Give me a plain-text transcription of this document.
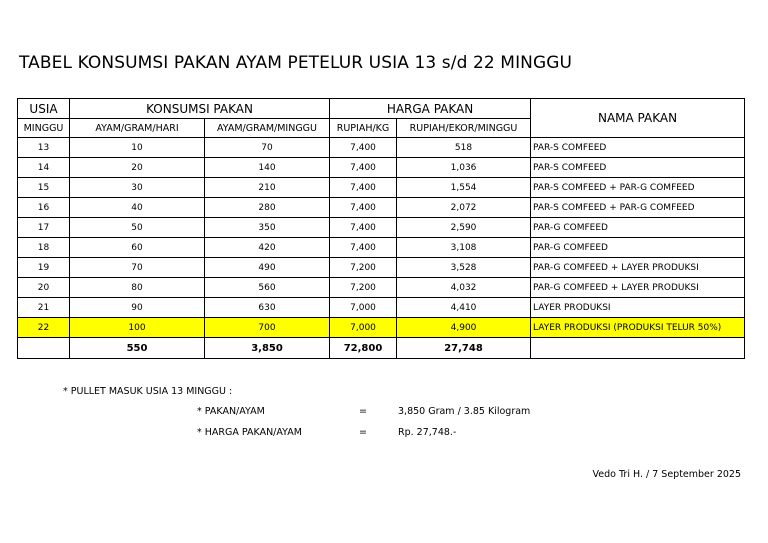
TABEL KONSUMSI PAKAN AYAM PETELUR USIA 13 s/d 22 MINGGU
USIA	KONSUMSI PAKAN		HARGA PAKAN		NAMA PAKAN
MINGGU	AYAM/GRAM/HARI	AYAM/GRAM/MINGGU	RUPIAH/KG	RUPIAH/EKOR/MINGGU	
13	10	70	7,400	518	PAR-S COMFEED
14	20	140	7,400	1,036	PAR-S COMFEED
15	30	210	7,400	1,554	PAR-S COMFEED + PAR-G COMFEED
16	40	280	7,400	2,072	PAR-S COMFEED + PAR-G COMFEED
17	50	350	7,400	2,590	PAR-G COMFEED
18	60	420	7,400	3,108	PAR-G COMFEED
19	70	490	7,200	3,528	PAR-G COMFEED + LAYER PRODUKSI
20	80	560	7,200	4,032	PAR-G COMFEED + LAYER PRODUKSI
21	90	630	7,000	4,410	LAYER PRODUKSI
22	100	700	7,000	4,900	LAYER PRODUKSI (PRODUKSI TELUR 50%)
	550	3,850	72,800	27,748	
* PULLET MASUK USIA 13 MINGGU :
* PAKAN/AYAM	=	3,850 Gram / 3.85 Kilogram
* HARGA PAKAN/AYAM	=	Rp. 27,748.-
Vedo Tri H. / 7 September 2025
